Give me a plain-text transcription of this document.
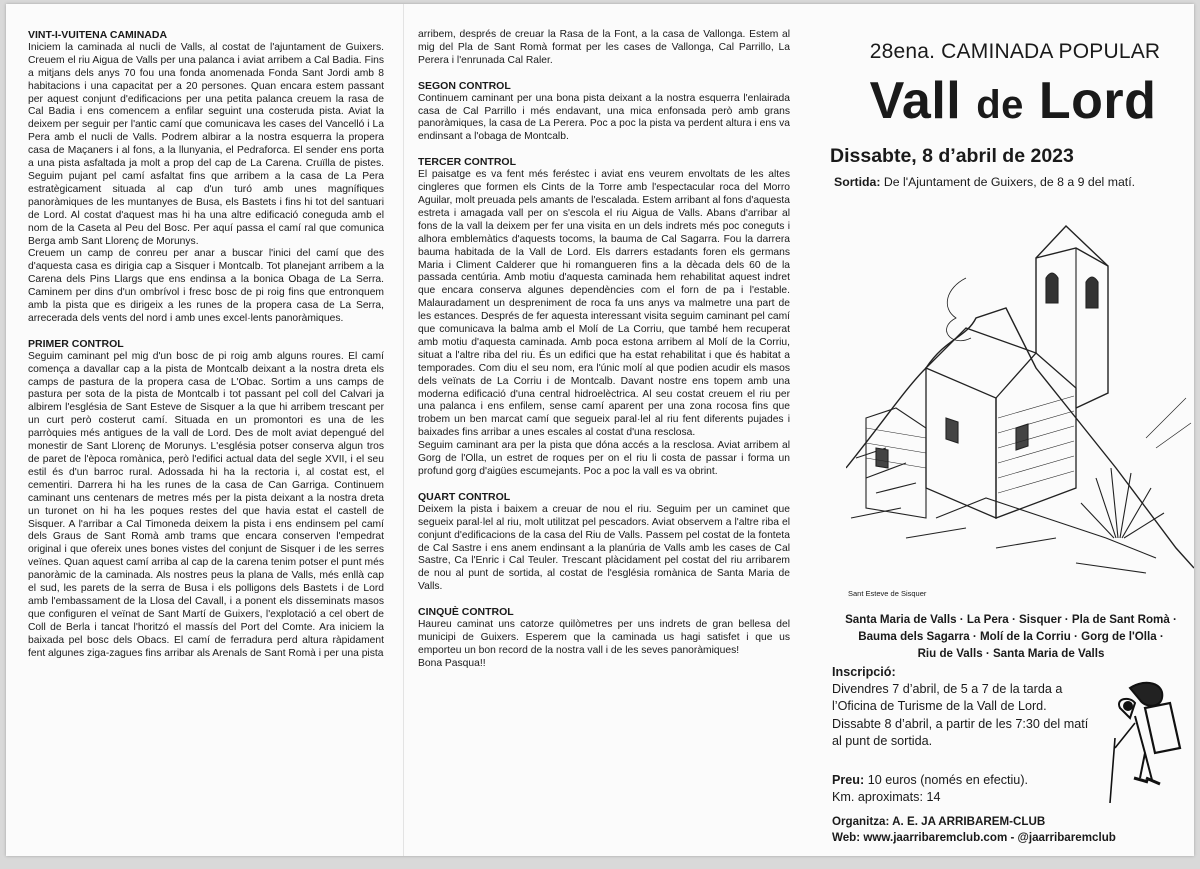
VINT-I-VUITENA CAMINADA

Iniciem la caminada al nucli de Valls, al costat de l'ajuntament de Guixers. Creuem el riu Aigua de Valls per una palanca i aviat arribem a Cal Badia. Fins a mitjans dels anys 70 fou una fonda anomenada Fonda Sant Jordi amb 8 habitacions i una capacitat per a 20 persones. Quan encara estem passant per aquest conjunt d'edificacions per una petita palanca creuem la rasa de Cal Badia i ens comencem a enfilar seguint una costeruda pista. Aviat la deixem per seguir per l'antic camí que comunicava les cases del Vancelló i La Pera amb el nucli de Valls. Podrem albirar a la nostra esquerra la propera casa de Maçaners i al fons, a la llunyania, el Pedraforca. El sender ens porta a una pista asfaltada ja molt a prop del cap de La Carena. Cruïlla de pistes. Seguim pujant pel camí asfaltat fins que arribem a la casa de La Pera estratègicament situada al cap d'un turó amb unes magnífiques panoràmiques de les muntanyes de Busa, els Bastets i fins hi tot del santuari de Lord. Al costat d'aquest mas hi ha una altre edificació coneguda amb el nom de la Caseta al Peu del Bosc. Per aquí passa el camí ral que comunica Berga amb Sant Llorenç de Morunys.

Creuem un camp de conreu per anar a buscar l'inici del camí que des d'aquesta casa es dirigia cap a Sisquer i Montcalb. Tot planejant arribem a la Carena dels Pins Llargs que ens endinsa a la bonica Obaga de La Serra. Caminem per dins d'un ombrívol i fresc bosc de pi roig fins que entronquem amb la pista que es dirigeix a les runes de la propera casa de La Serra, arrecerada dels vents del nord i amb unes excel·lents panoràmiques.

PRIMER CONTROL

Seguim caminant pel mig d'un bosc de pi roig amb alguns roures. El camí comença a davallar cap a la pista de Montcalb deixant a la nostra dreta els camps de pastura de la propera casa de L'Obac. Sortim a uns camps de pastura per sota de la pista de Montcalb i tot passant pel coll del Calvari ja albirem l'església de Sant Esteve de Sisquer a la que hi arribem trescant per un curt però costerut camí. Situada en un promontori es una de les parròquies més antigues de la vall de Lord. Des de molt aviat depengué del monestir de Sant Llorenç de Morunys. L'església potser conserva algun tros de paret de l'època romànica, però l'edifici actual data del segle XVII, i el seu estil és d'un barroc rural. Adossada hi ha la rectoria i, al costat est, el cementiri. Darrera hi ha les runes de la casa de Can Garriga. Continuem caminant uns centenars de metres més per la pista deixant a la nostra dreta un turonet on hi ha les poques restes del que havia estat el castell de Sisquer. A l'arribar a Cal Timoneda deixem la pista i ens endinsem pel camí dels Graus de Sant Romà amb trams que encara conserven l'empedrat original i que ofereix unes bones vistes del conjunt de Sisquer i de les serres veïnes. Quan aquest camí arriba al cap de la carena tenim potser el punt més panoràmic de la caminada. Als nostres peus la plana de Valls, més enllà cap el sud, les parets de la serra de Busa i els polligons dels Bastets i de Lord amb l'embassament de la Llosa del Cavall, i a ponent els disseminats masos que configuren el veïnat de Sant Martí de Guixers, l'explotació a cel obert de Coll de Berla i tancat l'horitzó el massís del Port del Comte. Ara iniciem la baixada pel bosc dels Obacs. El camí de ferradura perd altura ràpidament fent algunes ziga-zagues fins arribar als Arenals de Sant Romà i per una pista

arribem, després de creuar la Rasa de la Font, a la casa de Vallonga. Estem al mig del Pla de Sant Romà format per les cases de Vallonga, Cal Parrillo, La Perera i l'enrunada Cal Raler.

SEGON CONTROL

Continuem caminant per una bona pista deixant a la nostra esquerra l'enlairada casa de Cal Parrillo i més endavant, una mica enfonsada però amb grans panoràmiques, la casa de La Perera. Poc a poc la pista va perdent altura i ens va endinsant a l'obaga de Montcalb.

TERCER CONTROL

El paisatge es va fent més feréstec i aviat ens veurem envoltats de les altes cingleres que formen els Cints de la Torre amb l'espectacular roca del Morro Aguilar, molt preuada pels amants de l'escalada. Estem arribant al fons d'aquesta estreta i amagada vall per on s'escola el riu Aigua de Valls. Abans d'arribar al fons de la vall la deixem per fer una visita en un dels indrets més poc coneguts i alhora emblemàtics d'aquests tocoms, la bauma de Cal Sagarra. Fou la darrera bauma habitada de la Vall de Lord. Els darrers estadants foren els germans Maria i Climent Calderer que hi romangueren fins a la dècada dels 60 de la passada centúria. Amb motiu d'aquesta caminada hem rehabilitat aquest indret que encara conserva algunes dependències com el forn de pa i l'estable. Malauradament un despreniment de roca fa uns anys va malmetre una part de les estances. Després de fer aquesta interessant visita seguim caminant pel camí que comunicava la balma amb el Molí de La Corriu, que també hem recuperat amb motiu d'aquesta caminada. Amb poca estona arribem al Molí de la Corriu, situat a l'altre riba del riu. És un edifici que ha estat rehabilitat i que és habitat a temporades. Com diu el seu nom, era l'únic molí al que podien acudir els masos dels veïnats de La Corriu i de Montcalb. Davant nostre ens topem amb una moderna edificació d'una central hidroelèctrica. Al seu costat creuem el riu per una palanca i ens enfilem, sense camí aparent per una zona rocosa fins que trobem un ben marcat camí que segueix paral·lel al riu fent diferents pujades i baixades fins arribar a unes escales al costat d'una resclosa.

Seguim caminant ara per la pista que dóna accés a la resclosa. Aviat arribem al Gorg de l'Olla, un estret de roques per on el riu li costa de passar i forma un profund gorg d'aigües escumejants. Poc a poc la vall es va obrint.

QUART CONTROL

Deixem la pista i baixem a creuar de nou el riu. Seguim per un caminet que segueix paral·lel al riu, molt utilitzat pel pescadors. Aviat observem a l'altre riba el conjunt d'edificacions de la casa del Riu de Valls. Passem pel costat de la fonteta de Cal Sastre i ens anem endinsant a la planúria de Valls amb les cases de Cal Sastre, Ca l'Enric i Cal Teuler. Trescant plàcidament pel costat del riu arribarem de nou al punt de sortida, al costat de l'església romànica de Santa Maria de Valls.

CINQUÈ CONTROL

Haureu caminat uns catorze quilòmetres per uns indrets de gran bellesa del municipi de Guixers. Esperem que la caminada us hagi satisfet i que us emporteu un bon record de la nostra vall i de les seves panoràmiques!

Bona Pasqua!!

28ena. CAMINADA POPULAR
Vall de Lord
Dissabte, 8 d’abril de 2023
Sortida: De l'Ajuntament de Guixers, de 8 a 9 del matí.
Sant Esteve de Sisquer
Santa Maria de Valls · La Pera · Sisquer · Pla de Sant Romà ·
Bauma dels Sagarra · Molí de la Corriu · Gorg de l'Olla ·
Riu de Valls · Santa Maria de Valls
Inscripció:
Divendres 7 d’abril, de 5 a 7 de la tarda a l’Oficina de Turisme de la Vall de Lord.
Dissabte 8 d’abril, a partir de les 7:30 del matí al punt de sortida.
Preu: 10 euros (només en efectiu).
Km. aproximats: 14
Organitza: A. E. JA ARRIBAREM-CLUB
Web: www.jaarribaremclub.com - @jaarribaremclub
